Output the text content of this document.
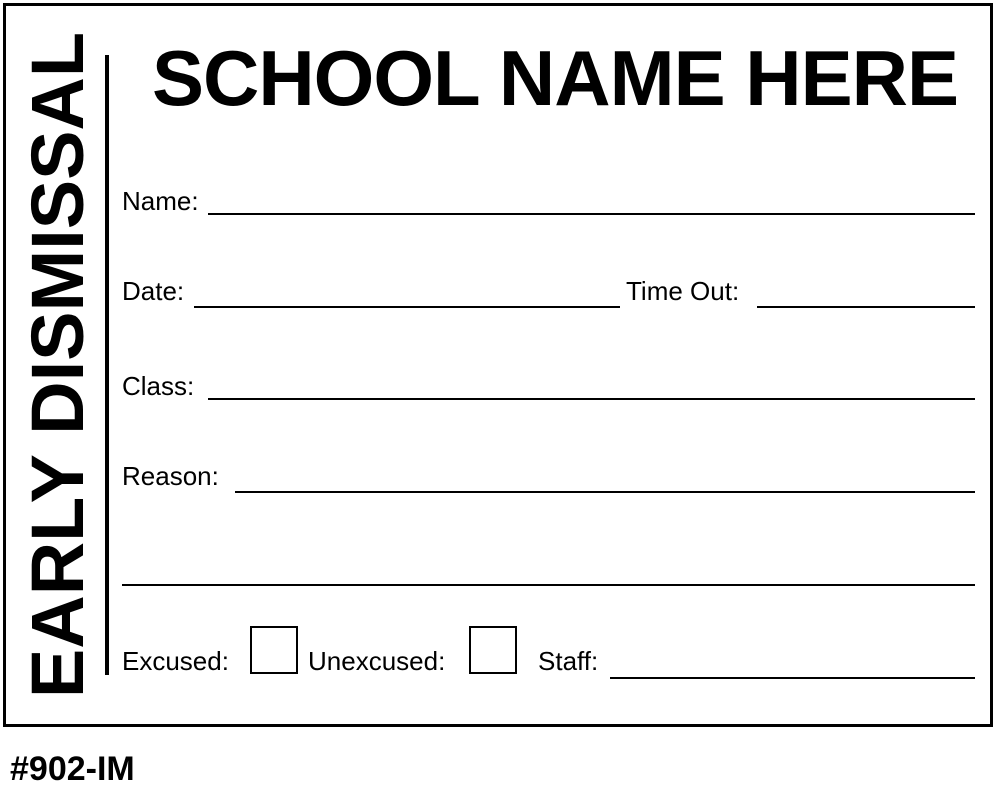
EARLY DISMISSAL SCHOOL NAME HERE
Name:
Date:	Time Out:
Class:
Reason:
Excused:	Unexcused:	Staff:
#902-IM
